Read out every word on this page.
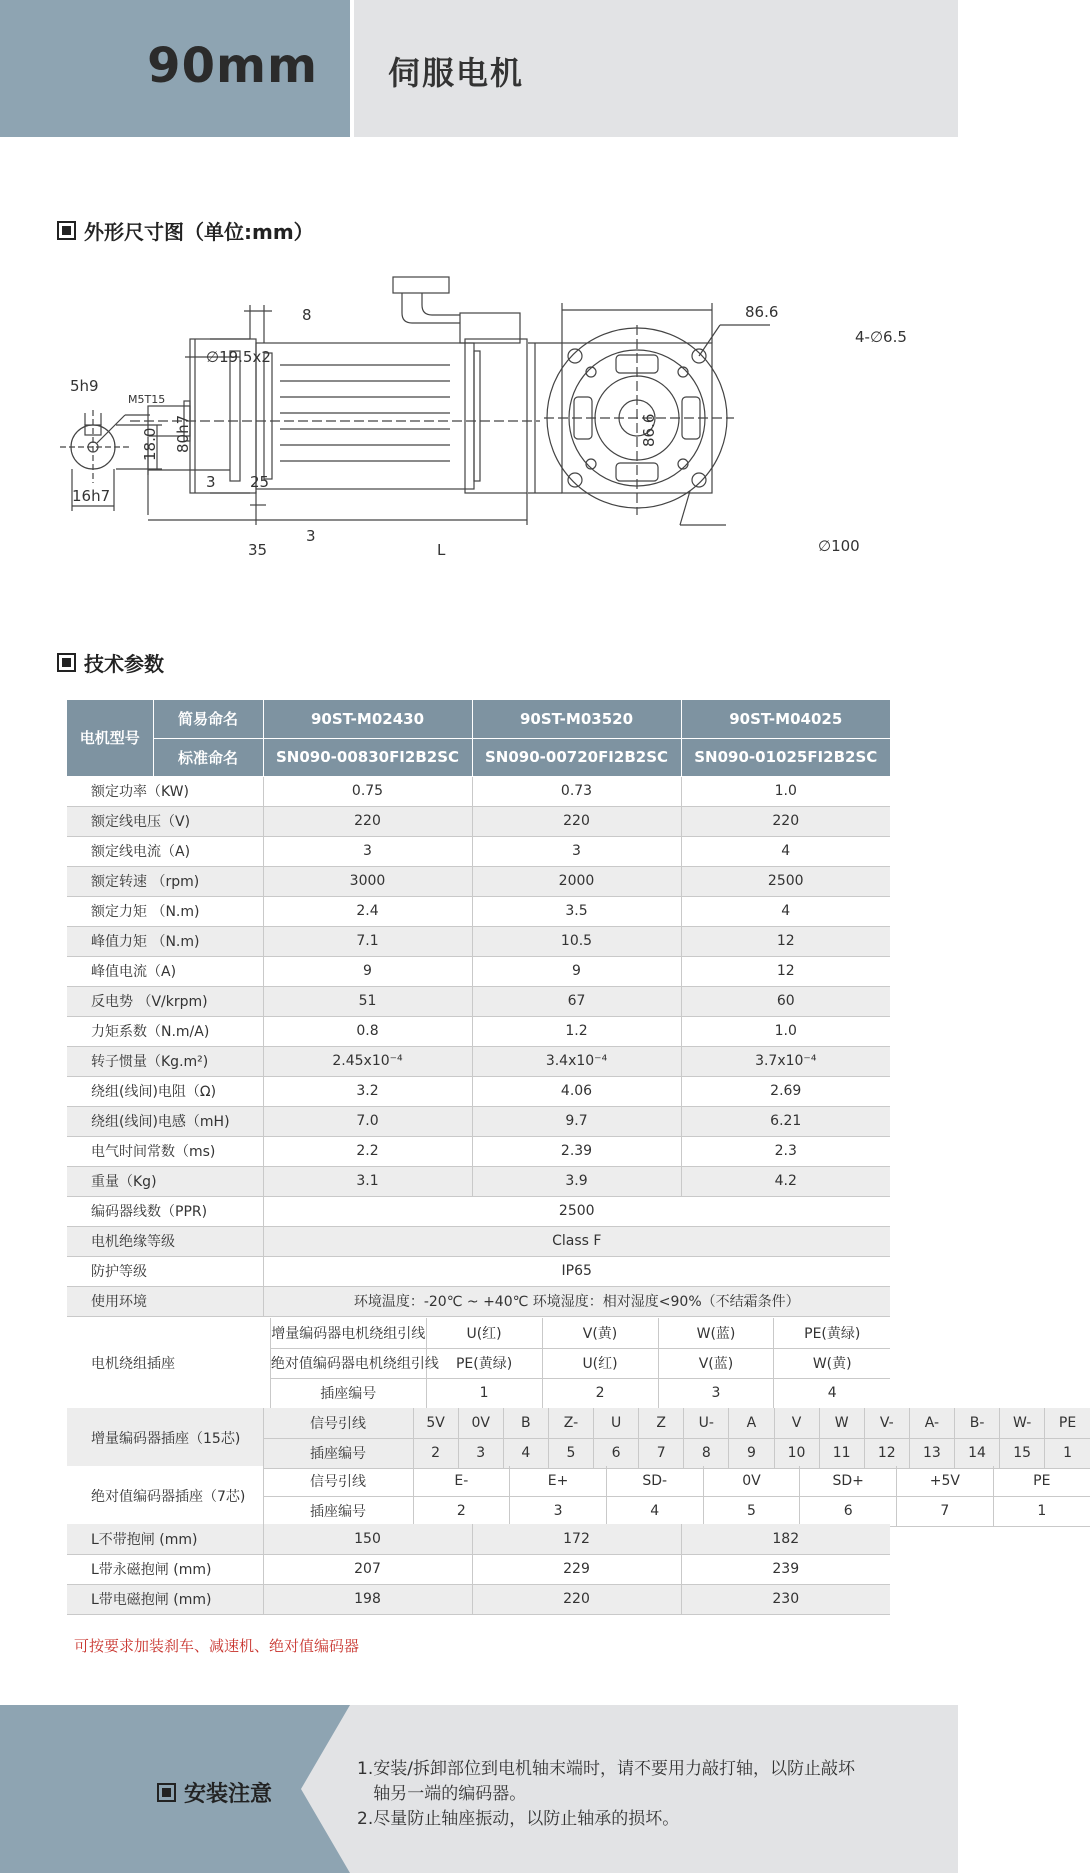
90mm 伺服电机
外形尺寸图（单位:mm）
5h9
M5T15
18.0
16h7
80h7
∅19.5x2
8
3 25
35
3
L
86.6
86.6
4-∅6.5
∅100
技术参数
电机型号	简易命名	90ST-M02430	90ST-M03520	90ST-M04025
	标准命名	SN090-00830FI2B2SC	SN090-00720FI2B2SC	SN090-01025FI2B2SC
额定功率（KW)		0.75	0.73	1.0
额定线电压（V)		220	220	220
额定线电流（A)		3	3	4
额定转速 （rpm)		3000	2000	2500
额定力矩 （N.m)		2.4	3.5	4
峰值力矩 （N.m)		7.1	10.5	12
峰值电流（A)		9	9	12
反电势 （V/krpm)		51	67	60
力矩系数（N.m/A)		0.8	1.2	1.0
转子惯量（Kg.m²)		2.45x10⁻⁴	3.4x10⁻⁴	3.7x10⁻⁴
绕组(线间)电阻（Ω)		3.2	4.06	2.69
绕组(线间)电感（mH)		7.0	9.7	6.21
电气时间常数（ms)		2.2	2.39	2.3
重量（Kg)		3.1	3.9	4.2
编码器线数（PPR)		2500		
电机绝缘等级		Class F		
防护等级		IP65		
使用环境		环境温度：-20℃ ~ +40℃ 环境湿度：相对湿度<90%（不结霜条件）		
电机绕组插座	增量编码器电机绕组引线	U(红)	V(黄)	W(蓝)	PE(黄绿)
	绝对值编码器电机绕组引线	PE(黄绿)	U(红)	V(蓝)	W(黄)
	插座编号	1	2	3	4
增量编码器插座（15芯)	信号引线	5V	0V	B	Z-	U	Z	U-	A	V	W	V-	A-	B-	W-	PE
	插座编号	2	3	4	5	6	7	8	9	10	11	12	13	14	15	1
绝对值编码器插座（7芯)	信号引线	E-	E+	SD-	0V	SD+	+5V	PE
	插座编号	2	3	4	5	6	7	1
L不带抱闸 (mm)	150	172	182
L带永磁抱闸 (mm)	207	229	239
L带电磁抱闸 (mm)	198	220	230
可按要求加装刹车、减速机、绝对值编码器
安装注意
1.安装/拆卸部位到电机轴末端时，请不要用力敲打轴，以防止敲坏
轴另一端的编码器。
2.尽量防止轴座振动，以防止轴承的损坏。
